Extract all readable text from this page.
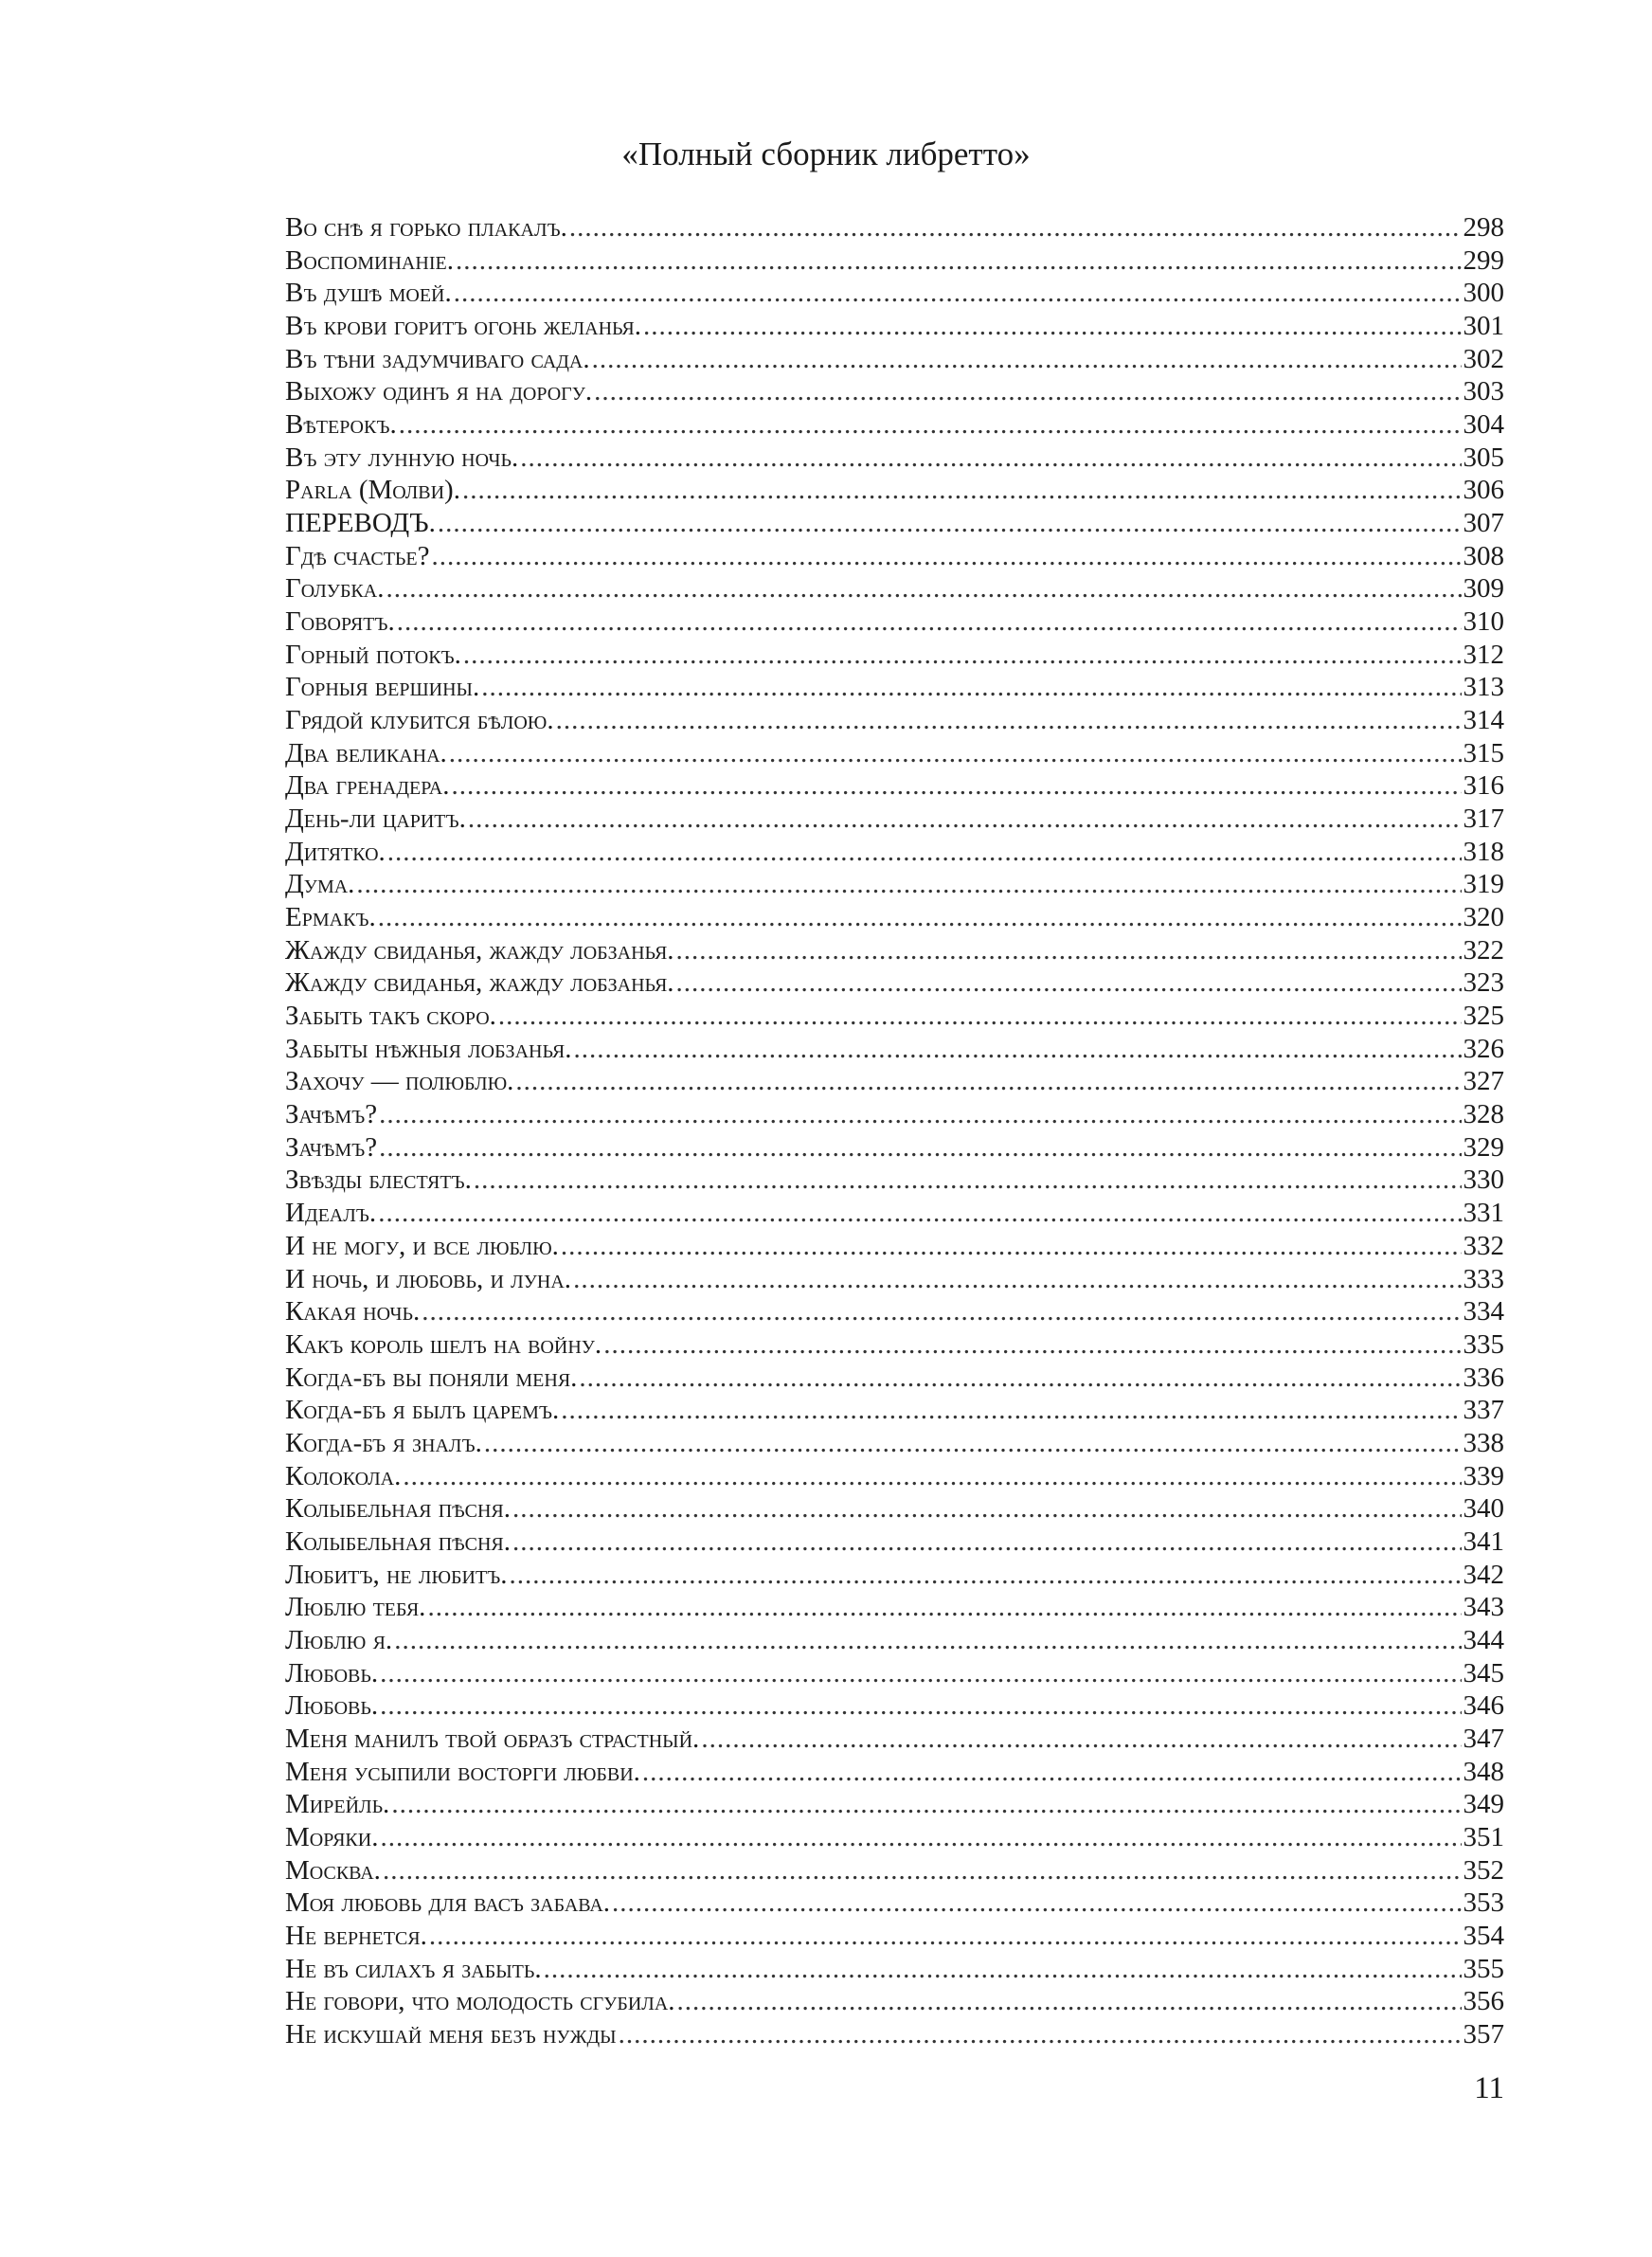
«Полный сборник либретто»
Во снѣ я горько плакалъ. .....	298
Воспоминанiе. .....	299
Въ душѣ моей. .....	300
Въ крови горитъ огонь желанья. .....	301
Въ тѣни задумчиваго сада. .....	302
Выхожу одинъ я на дорогу. .....	303
Вѣтерокъ. .....	304
Въ эту лунную ночь. .....	305
Parla (Молви). .....	306
ПЕРЕВОДЪ. .....	307
Гдѣ счастье? .....	308
Голубка. .....	309
Говорятъ. .....	310
Горный потокъ. .....	312
Горныя вершины. .....	313
Грядой клубится бѣлою. .....	314
Два великана. .....	315
Два гренадера. .....	316
День-ли царитъ. .....	317
Дитятко. .....	318
Дума. .....	319
Ермакъ. .....	320
Жажду свиданья, жажду лобзанья. .....	322
Жажду свиданья, жажду лобзанья. .....	323
Забыть такъ скоро. .....	325
Забыты нѣжныя лобзанья. .....	326
Захочу — полюблю. .....	327
Зачѣмъ? .....	328
Зачѣмъ? .....	329
Звѣзды блестятъ. .....	330
Идеалъ. .....	331
И не могу, и все люблю. .....	332
И ночь, и любовь, и луна. .....	333
Какая ночь. .....	334
Какъ король шелъ на войну. .....	335
Когда-бъ вы поняли меня. .....	336
Когда-бъ я былъ царемъ. .....	337
Когда-бъ я зналъ. .....	338
Колокола. .....	339
Колыбельная пѣсня. .....	340
Колыбельная пѣсня. .....	341
Любитъ, не любитъ. .....	342
Люблю тебя. .....	343
Люблю я. .....	344
Любовь. .....	345
Любовь. .....	346
Меня манилъ твой образъ страстный. .....	347
Меня усыпили восторги любви. .....	348
Мирейль. .....	349
Моряки. .....	351
Москва. .....	352
Моя любовь для васъ забава. .....	353
Не вернется. .....	354
Не въ силахъ я забыть. .....	355
Не говори, что молодость сгубила. .....	356
Не искушай меня безъ нужды .....	357
11
